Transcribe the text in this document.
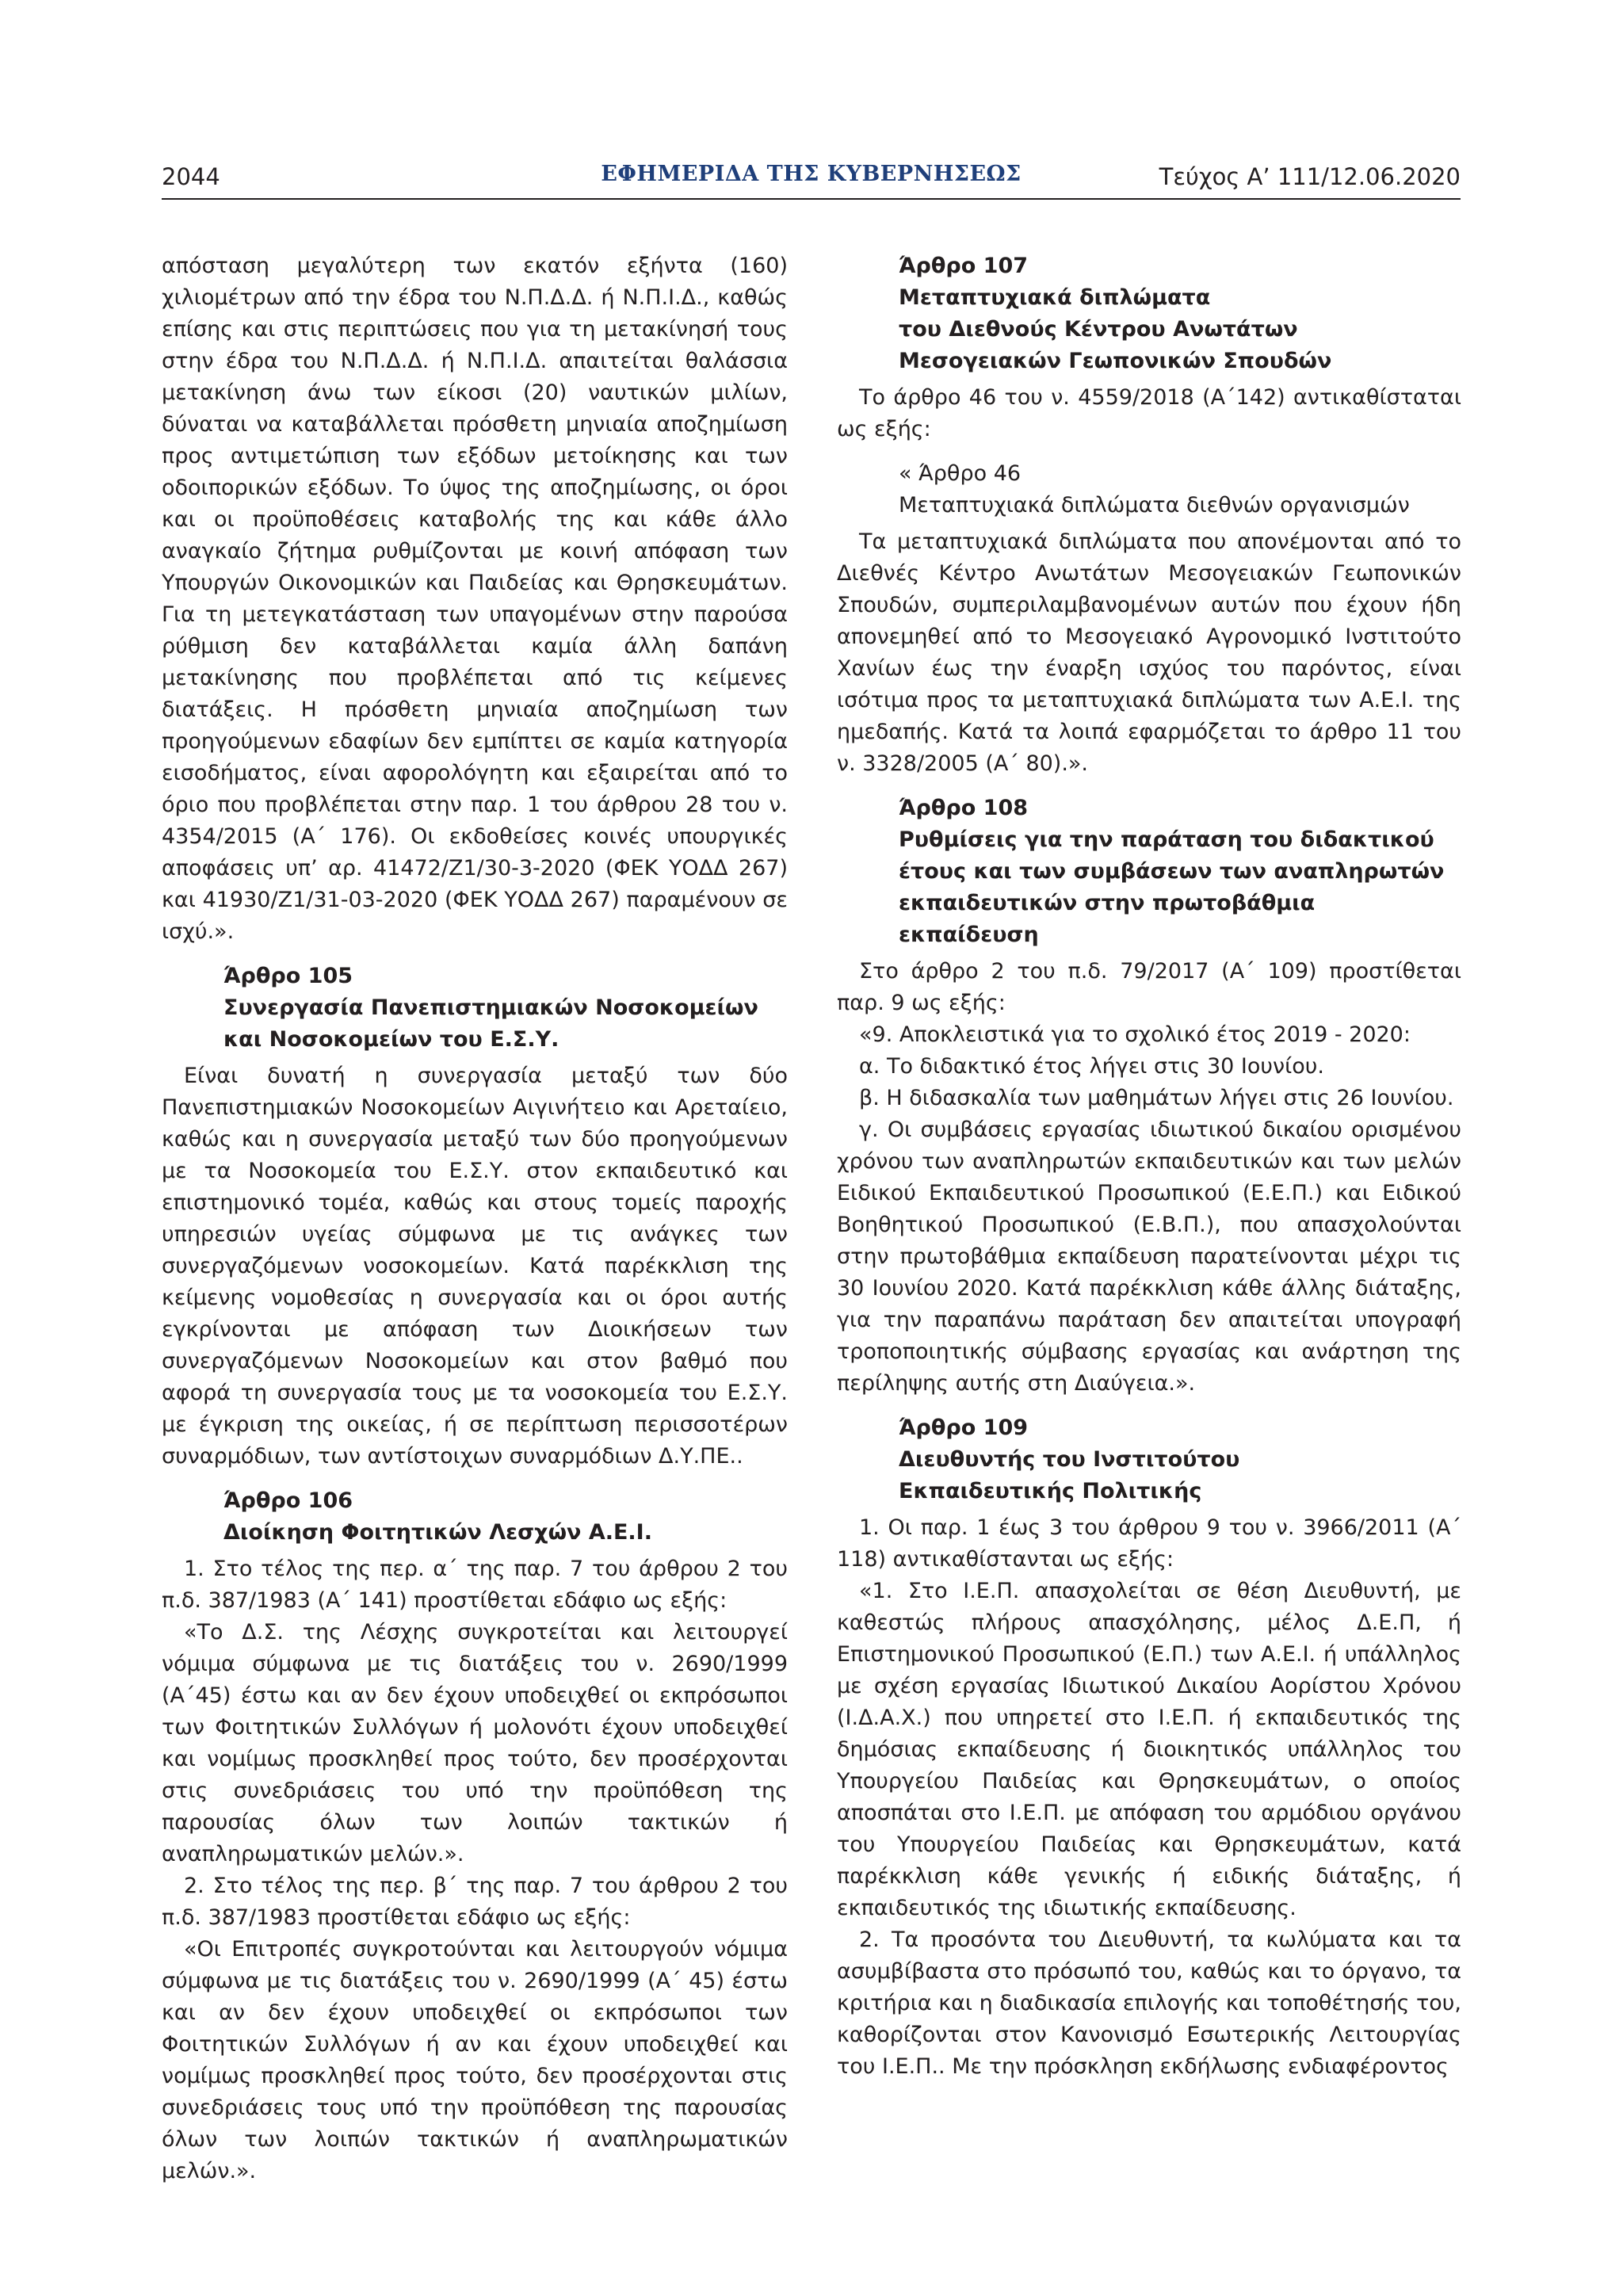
2044	ΕΦΗΜΕΡΙΔΑ ΤΗΣ ΚΥΒΕΡΝΗΣΕΩΣ	Τεύχος Α’ 111/12.06.2020

απόσταση μεγαλύτερη των εκατόν εξήντα (160) χιλιομέτρων από την έδρα του Ν.Π.Δ.Δ. ή Ν.Π.Ι.Δ., καθώς επίσης και στις περιπτώσεις που για τη μετακίνησή τους στην έδρα του Ν.Π.Δ.Δ. ή Ν.Π.Ι.Δ. απαιτείται θαλάσσια μετακίνηση άνω των είκοσι (20) ναυτικών μιλίων, δύναται να καταβάλλεται πρόσθετη μηνιαία αποζημίωση προς αντιμετώπιση των εξόδων μετοίκησης και των οδοιπορικών εξόδων. Το ύψος της αποζημίωσης, οι όροι και οι προϋποθέσεις καταβολής της και κάθε άλλο αναγκαίο ζήτημα ρυθμίζονται με κοινή απόφαση των Υπουργών Οικονομικών και Παιδείας και Θρησκευμάτων. Για τη μετεγκατάσταση των υπαγομένων στην παρούσα ρύθμιση δεν καταβάλλεται καμία άλλη δαπάνη μετακίνησης που προβλέπεται από τις κείμενες διατάξεις. Η πρόσθετη μηνιαία αποζημίωση των προηγούμενων εδαφίων δεν εμπίπτει σε καμία κατηγορία εισοδήματος, είναι αφορολόγητη και εξαιρείται από το όριο που προβλέπεται στην παρ. 1 του άρθρου 28 του ν. 4354/2015 (Α΄ 176). Οι εκδοθείσες κοινές υπουργικές αποφάσεις υπ’ αρ. 41472/Ζ1/30-3-2020 (ΦΕΚ ΥΟΔΔ 267) και 41930/Ζ1/31-03-2020 (ΦΕΚ ΥΟΔΔ 267) παραμένουν σε ισχύ.».

Άρθρο 105
Συνεργασία Πανεπιστημιακών Νοσοκομείων
και Νοσοκομείων του Ε.Σ.Υ.

Είναι δυνατή η συνεργασία μεταξύ των δύο Πανεπιστημιακών Νοσοκομείων Αιγινήτειο και Αρεταίειο, καθώς και η συνεργασία μεταξύ των δύο προηγούμενων με τα Νοσοκομεία του Ε.Σ.Υ. στον εκπαιδευτικό και επιστημονικό τομέα, καθώς και στους τομείς παροχής υπηρεσιών υγείας σύμφωνα με τις ανάγκες των συνεργαζόμενων νοσοκομείων. Κατά παρέκκλιση της κείμενης νομοθεσίας η συνεργασία και οι όροι αυτής εγκρίνονται με απόφαση των Διοικήσεων των συνεργαζόμενων Νοσοκομείων και στον βαθμό που αφορά τη συνεργασία τους με τα νοσοκομεία του Ε.Σ.Υ. με έγκριση της οικείας, ή σε περίπτωση περισσοτέρων συναρμόδιων, των αντίστοιχων συναρμόδιων Δ.Υ.ΠΕ..

Άρθρο 106
Διοίκηση Φοιτητικών Λεσχών Α.Ε.Ι.

1. Στο τέλος της περ. α΄ της παρ. 7 του άρθρου 2 του π.δ. 387/1983 (Α΄ 141) προστίθεται εδάφιο ως εξής:

«Το Δ.Σ. της Λέσχης συγκροτείται και λειτουργεί νόμιμα σύμφωνα με τις διατάξεις του ν. 2690/1999 (Α΄45) έστω και αν δεν έχουν υποδειχθεί οι εκπρόσωποι των Φοιτητικών Συλλόγων ή μολονότι έχουν υποδειχθεί και νομίμως προσκληθεί προς τούτο, δεν προσέρχονται στις συνεδριάσεις του υπό την προϋπόθεση της παρουσίας όλων των λοιπών τακτικών ή αναπληρωματικών μελών.».

2. Στο τέλος της περ. β΄ της παρ. 7 του άρθρου 2 του π.δ. 387/1983 προστίθεται εδάφιο ως εξής:

«Οι Επιτροπές συγκροτούνται και λειτουργούν νόμιμα σύμφωνα με τις διατάξεις του ν. 2690/1999 (Α΄ 45) έστω και αν δεν έχουν υποδειχθεί οι εκπρόσωποι των Φοιτητικών Συλλόγων ή αν και έχουν υποδειχθεί και νομίμως προσκληθεί προς τούτο, δεν προσέρχονται στις συνεδριάσεις τους υπό την προϋπόθεση της παρουσίας όλων των λοιπών τακτικών ή αναπληρωματικών μελών.».

Άρθρο 107
Μεταπτυχιακά διπλώματα
του Διεθνούς Κέντρου Ανωτάτων
Μεσογειακών Γεωπονικών Σπουδών

Το άρθρο 46 του ν. 4559/2018 (Α΄142) αντικαθίσταται ως εξής:

« Άρθρο 46
Μεταπτυχιακά διπλώματα διεθνών οργανισμών

Τα μεταπτυχιακά διπλώματα που απονέμονται από το Διεθνές Κέντρο Ανωτάτων Μεσογειακών Γεωπονικών Σπουδών, συμπεριλαμβανομένων αυτών που έχουν ήδη απονεμηθεί από το Μεσογειακό Αγρονομικό Ινστιτούτο Χανίων έως την έναρξη ισχύος του παρόντος, είναι ισότιμα προς τα μεταπτυχιακά διπλώματα των Α.Ε.Ι. της ημεδαπής. Κατά τα λοιπά εφαρμόζεται το άρθρο 11 του ν. 3328/2005 (Α΄ 80).».

Άρθρο 108
Ρυθμίσεις για την παράταση του διδακτικού
έτους και των συμβάσεων των αναπληρωτών
εκπαιδευτικών στην πρωτοβάθμια εκπαίδευση

Στο άρθρο 2 του π.δ. 79/2017 (Α΄ 109) προστίθεται παρ. 9 ως εξής:

«9. Αποκλειστικά για το σχολικό έτος 2019 - 2020:

α. Το διδακτικό έτος λήγει στις 30 Ιουνίου.

β. Η διδασκαλία των μαθημάτων λήγει στις 26 Ιουνίου.

γ. Οι συμβάσεις εργασίας ιδιωτικού δικαίου ορισμένου χρόνου των αναπληρωτών εκπαιδευτικών και των μελών Ειδικού Εκπαιδευτικού Προσωπικού (Ε.Ε.Π.) και Ειδικού Βοηθητικού Προσωπικού (Ε.Β.Π.), που απασχολούνται στην πρωτοβάθμια εκπαίδευση παρατείνονται μέχρι τις 30 Ιουνίου 2020. Κατά παρέκκλιση κάθε άλλης διάταξης, για την παραπάνω παράταση δεν απαιτείται υπογραφή τροποποιητικής σύμβασης εργασίας και ανάρτηση της περίληψης αυτής στη Διαύγεια.».

Άρθρο 109
Διευθυντής του Ινστιτούτου
Εκπαιδευτικής Πολιτικής

1. Οι παρ. 1 έως 3 του άρθρου 9 του ν. 3966/2011 (Α΄ 118) αντικαθίστανται ως εξής:

«1. Στο Ι.Ε.Π. απασχολείται σε θέση Διευθυντή, με καθεστώς πλήρους απασχόλησης, μέλος Δ.Ε.Π, ή Επιστημονικού Προσωπικού (Ε.Π.) των Α.Ε.Ι. ή υπάλληλος με σχέση εργασίας Ιδιωτικού Δικαίου Αορίστου Χρόνου (Ι.Δ.Α.Χ.) που υπηρετεί στο Ι.Ε.Π. ή εκπαιδευτικός της δημόσιας εκπαίδευσης ή διοικητικός υπάλληλος του Υπουργείου Παιδείας και Θρησκευμάτων, ο οποίος αποσπάται στο Ι.Ε.Π. με απόφαση του αρμόδιου οργάνου του Υπουργείου Παιδείας και Θρησκευμάτων, κατά παρέκκλιση κάθε γενικής ή ειδικής διάταξης, ή εκπαιδευτικός της ιδιωτικής εκπαίδευσης.

2. Τα προσόντα του Διευθυντή, τα κωλύματα και τα ασυμβίβαστα στο πρόσωπό του, καθώς και το όργανο, τα κριτήρια και η διαδικασία επιλογής και τοποθέτησής του, καθορίζονται στον Κανονισμό Εσωτερικής Λειτουργίας του Ι.Ε.Π.. Με την πρόσκληση εκδήλωσης ενδιαφέροντος
